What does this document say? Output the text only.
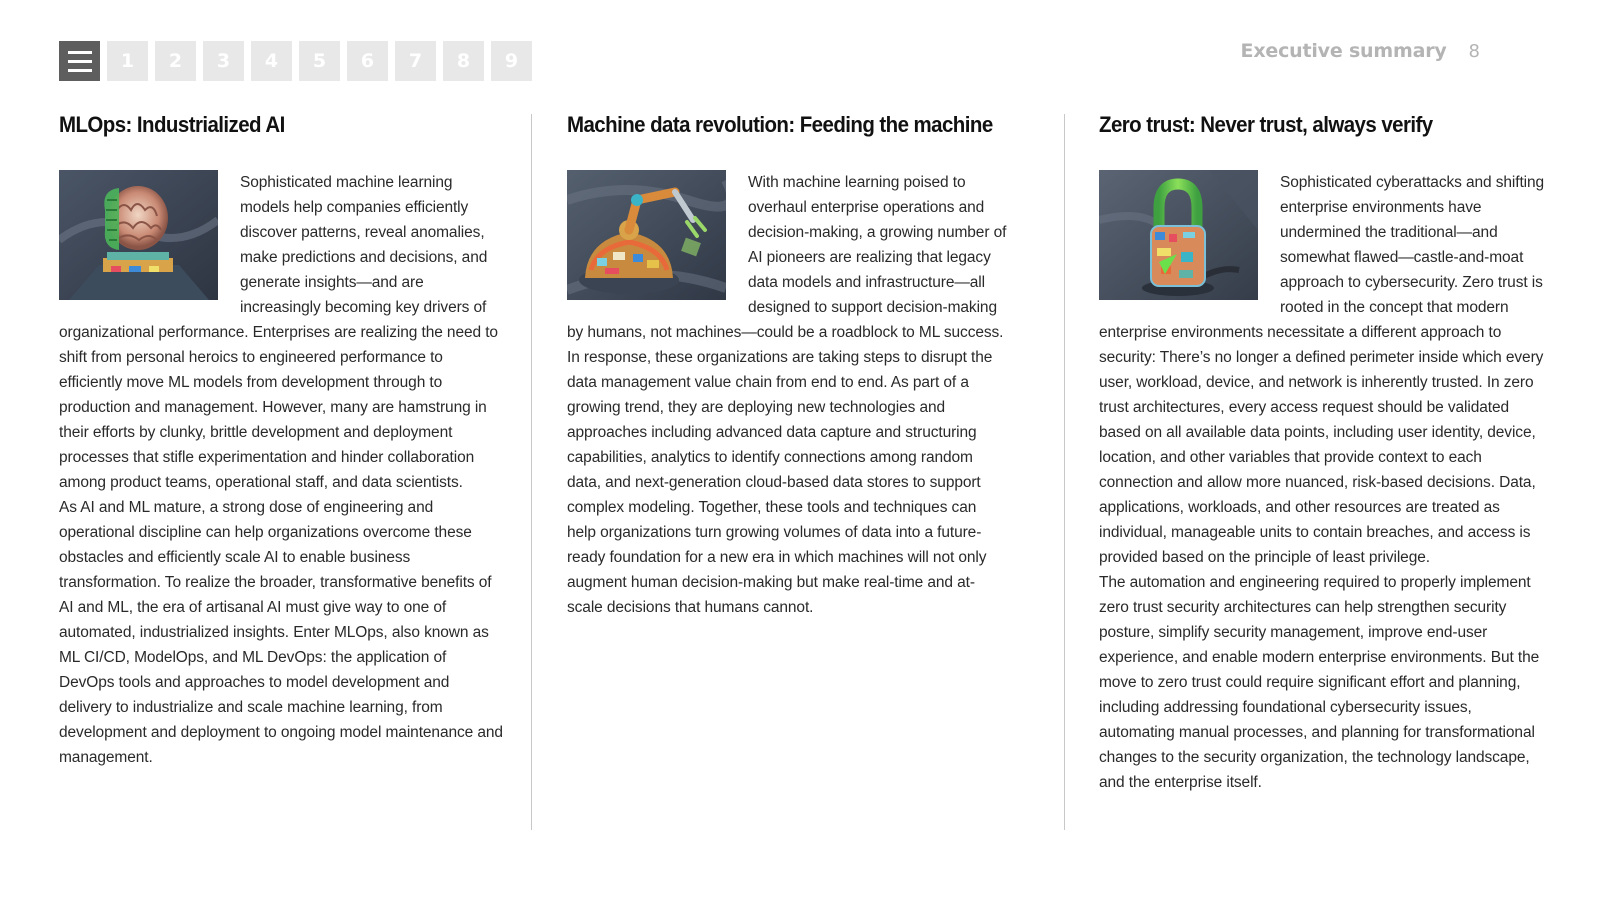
1	2	3	4	5	6	7	8	9	Executive summary 8
MLOps: Industrialized AI

Sophisticated machine learning models help companies efficiently discover patterns, reveal anomalies, make predictions and decisions, and generate insights—and are increasingly becoming key drivers of organizational performance. Enterprises are realizing the need to shift from personal heroics to engineered performance to efficiently move ML models from development through to production and management. However, many are hamstrung in their efforts by clunky, brittle development and deployment processes that stifle experimentation and hinder collaboration among product teams, operational staff, and data scientists.

As AI and ML mature, a strong dose of engineering and operational discipline can help organizations overcome these obstacles and efficiently scale AI to enable business transformation. To realize the broader, transformative benefits of AI and ML, the era of artisanal AI must give way to one of automated, industrialized insights. Enter MLOps, also known as ML CI/CD, ModelOps, and ML DevOps: the application of DevOps tools and approaches to model development and delivery to industrialize and scale machine learning, from development and deployment to ongoing model maintenance and management.

Machine data revolution: Feeding the machine

With machine learning poised to overhaul enterprise operations and decision-making, a growing number of AI pioneers are realizing that legacy data models and infrastructure—all designed to support decision-making by humans, not machines—could be a roadblock to ML success. In response, these organizations are taking steps to disrupt the data management value chain from end to end. As part of a growing trend, they are deploying new technologies and approaches including advanced data capture and structuring capabilities, analytics to identify connections among random data, and next-generation cloud-based data stores to support complex modeling. Together, these tools and techniques can help organizations turn growing volumes of data into a future-ready foundation for a new era in which machines will not only augment human decision-making but make real-time and at-scale decisions that humans cannot.

Zero trust: Never trust, always verify

Sophisticated cyberattacks and shifting enterprise environments have undermined the traditional—and somewhat flawed—castle-and-moat approach to cybersecurity. Zero trust is rooted in the concept that modern enterprise environments necessitate a different approach to security: There’s no longer a defined perimeter inside which every user, workload, device, and network is inherently trusted. In zero trust architectures, every access request should be validated based on all available data points, including user identity, device, location, and other variables that provide context to each connection and allow more nuanced, risk-based decisions. Data, applications, workloads, and other resources are treated as individual, manageable units to contain breaches, and access is provided based on the principle of least privilege.

The automation and engineering required to properly implement zero trust security architectures can help strengthen security posture, simplify security management, improve end-user experience, and enable modern enterprise environments. But the move to zero trust could require significant effort and planning, including addressing foundational cybersecurity issues, automating manual processes, and planning for transformational changes to the security organization, the technology landscape, and the enterprise itself.
